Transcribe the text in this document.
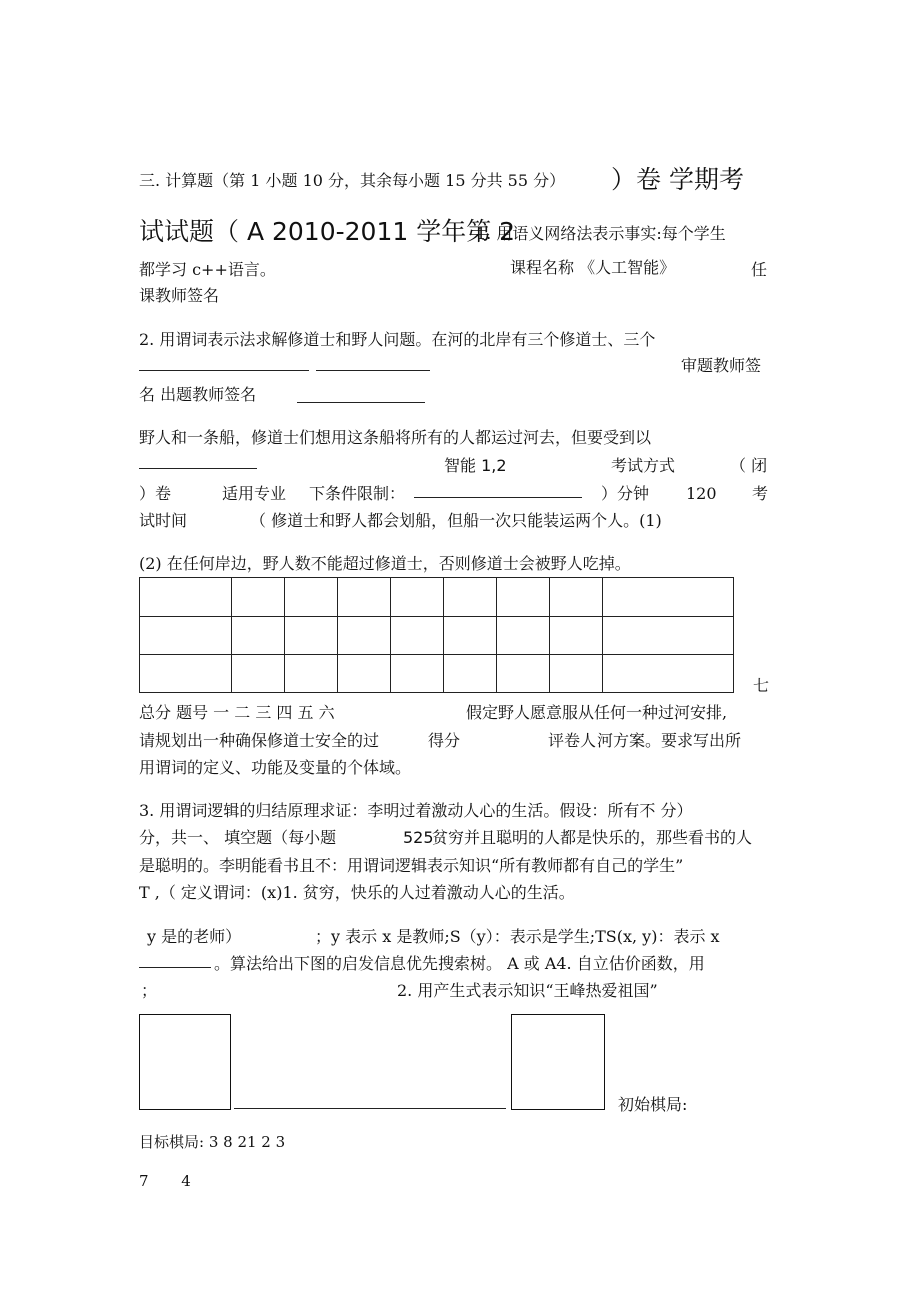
三. 计算题（第 1 小题 10 分，其余每小题 15 分共 55 分） ）卷 学期考
试试题（ A 2010-2011 学年第 2
1. 用语义网络法表示事实:每个学生
都学习 c++语言。	课程名称 《人工智能》	任
课教师签名
2. 用谓词表示法求解修道士和野人问题。在河的北岸有三个修道士、三个
审题教师签
名 出题教师签名
野人和一条船，修道士们想用这条船将所有的人都运过河去，但要受到以
智能 1,2	考试方式	（ 闭
）卷	适用专业 下条件限制：	）分钟 120 考
试时间	（ 修道士和野人都会划船，但船一次只能装运两个人。(1)
(2) 在任何岸边，野人数不能超过修道士，否则修道士会被野人吃掉。

七
总分 题号 一 二 三 四 五 六	假定野人愿意服从任何一种过河安排,
请规划出一种确保修道士安全的过	得分	评卷人 河方案。要求写出所
用谓词的定义、功能及变量的个体域。
3. 用谓词逻辑的归结原理求证：李明过着激动人心的生活。假设：所有不 分）
分，共一、 填空题（每小题	525
贫穷并且聪明的人都是快乐的，那些看书的人
是聪明的。李明能看书且不：用谓词逻辑表示知识“所有教师都有自己的学生”
T ,（ 定义谓词：(x)1. 贫穷，快乐的人过着激动人心的生活。
y 是的老师）	；y 表示 x 是教师;S（y）：表示是学生;TS(x, y)：表示 x
。算法给出下图的启发信息优先搜索树。 A 或 A4. 自立估价函数，用
；	2. 用产生式表示知识“王峰热爱祖国”
初始棋局:
目标棋局: 3 8 21 2 3
7 4
